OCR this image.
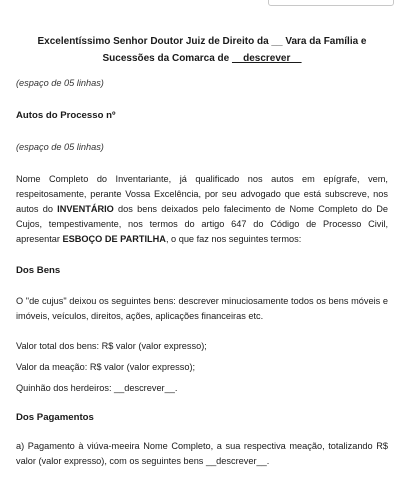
Buscar
Excelentíssimo Senhor Doutor Juiz de Direito da __ Vara da Família e
Sucessões da Comarca de __descrever__

(espaço de 05 linhas)

Autos do Processo nº

(espaço de 05 linhas)

Nome Completo do Inventariante, já qualificado nos autos em epígrafe, vem, respeitosamente, perante Vossa Excelência, por seu advogado que está subscreve, nos autos do INVENTÁRIO dos bens deixados pelo falecimento de Nome Completo do De Cujos, tempestivamente, nos termos do artigo 647 do Código de Processo Civil, apresentar ESBOÇO DE PARTILHA, o que faz nos seguintes termos:

Dos Bens

O "de cujus" deixou os seguintes bens: descrever minuciosamente todos os bens móveis e imóveis, veículos, direitos, ações, aplicações financeiras etc.

Valor total dos bens: R$ valor (valor expresso);

Valor da meação: R$ valor (valor expresso);

Quinhão dos herdeiros: __descrever__.

Dos Pagamentos

a) Pagamento à viúva-meeira Nome Completo, a sua respectiva meação, totalizando R$ valor (valor expresso), com os seguintes bens __descrever__.
